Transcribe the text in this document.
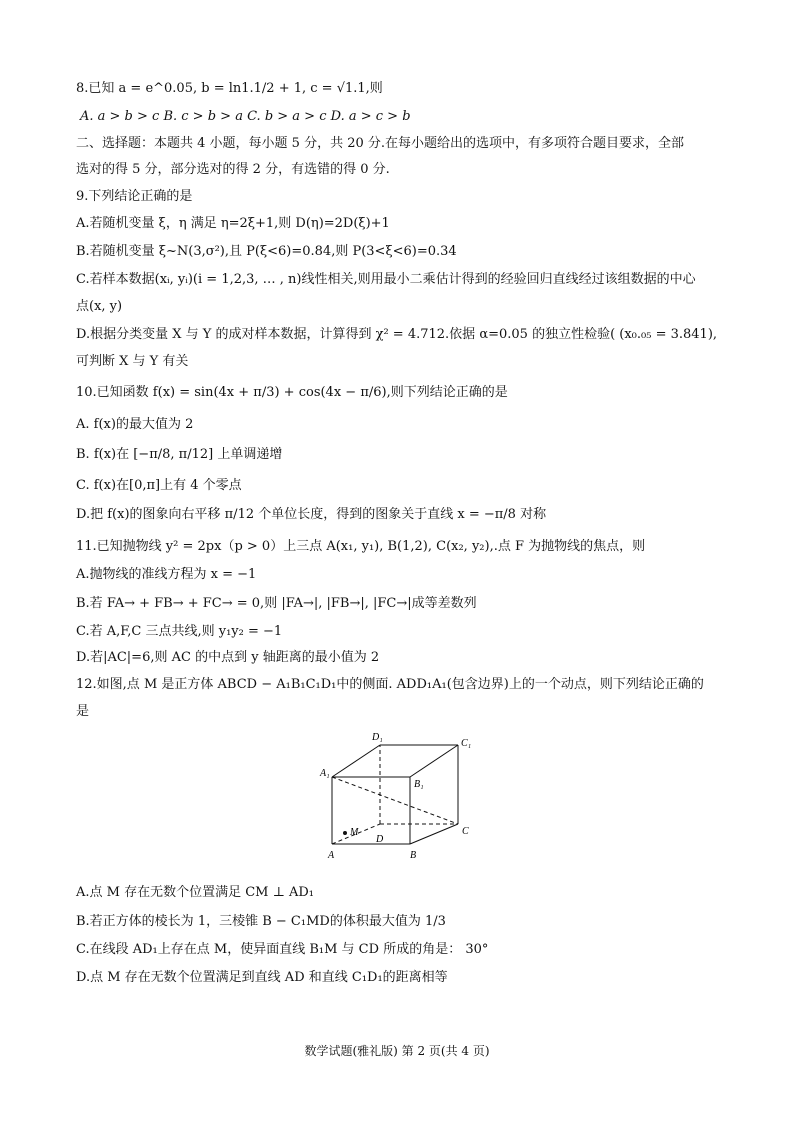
8.已知 a = e^0.05, b = ln1.1/2 + 1, c = √1.1,则
A. a > b > c B. c > b > a C. b > a > c D. a > c > b
二、选择题：本题共 4 小题，每小题 5 分，共 20 分.在每小题给出的选项中，有多项符合题目要求，全部
选对的得 5 分，部分选对的得 2 分，有选错的得 0 分.
9.下列结论正确的是
A.若随机变量 ξ，η 满足 η=2ξ+1,则 D(η)=2D(ξ)+1
B.若随机变量 ξ~N(3,σ²),且 P(ξ<6)=0.84,则 P(3<ξ<6)=0.34
C.若样本数据(xᵢ, yᵢ)(i = 1,2,3, … , n)线性相关,则用最小二乘估计得到的经验回归直线经过该组数据的中心
点(x, y)
D.根据分类变量 X 与 Y 的成对样本数据，计算得到 χ² = 4.712.依据 α=0.05 的独立性检验( (x₀.₀₅ = 3.841),
可判断 X 与 Y 有关
10.已知函数 f(x) = sin(4x + π/3) + cos(4x − π/6),则下列结论正确的是
A. f(x)的最大值为 2
B. f(x)在 [−π/8, π/12] 上单调递增
C. f(x)在[0,π]上有 4 个零点
D.把 f(x)的图象向右平移 π/12 个单位长度，得到的图象关于直线 x = −π/8 对称
11.已知抛物线 y² = 2px（p > 0）上三点 A(x₁, y₁), B(1,2), C(x₂, y₂),.点 F 为抛物线的焦点，则
A.抛物线的准线方程为 x = −1
B.若 FA→ + FB→ + FC→ = 0,则 |FA→|, |FB→|, |FC→|成等差数列
C.若 A,F,C 三点共线,则 y₁y₂ = −1
D.若|AC|=6,则 AC 的中点到 y 轴距离的最小值为 2
12.如图,点 M 是正方体 ABCD − A₁B₁C₁D₁中的侧面. ADD₁A₁(包含边界)上的一个动点，则下列结论正确的
是
D₁
C₁
A₁
B₁
M
D
C
A	B
A.点 M 存在无数个位置满足 CM ⊥ AD₁
B.若正方体的棱长为 1，三棱锥 B − C₁MD的体积最大值为 1/3
C.在线段 AD₁上存在点 M，使异面直线 B₁M 与 CD 所成的角是： 30°
D.点 M 存在无数个位置满足到直线 AD 和直线 C₁D₁的距离相等
数学试题(雅礼版) 第 2 页(共 4 页)
